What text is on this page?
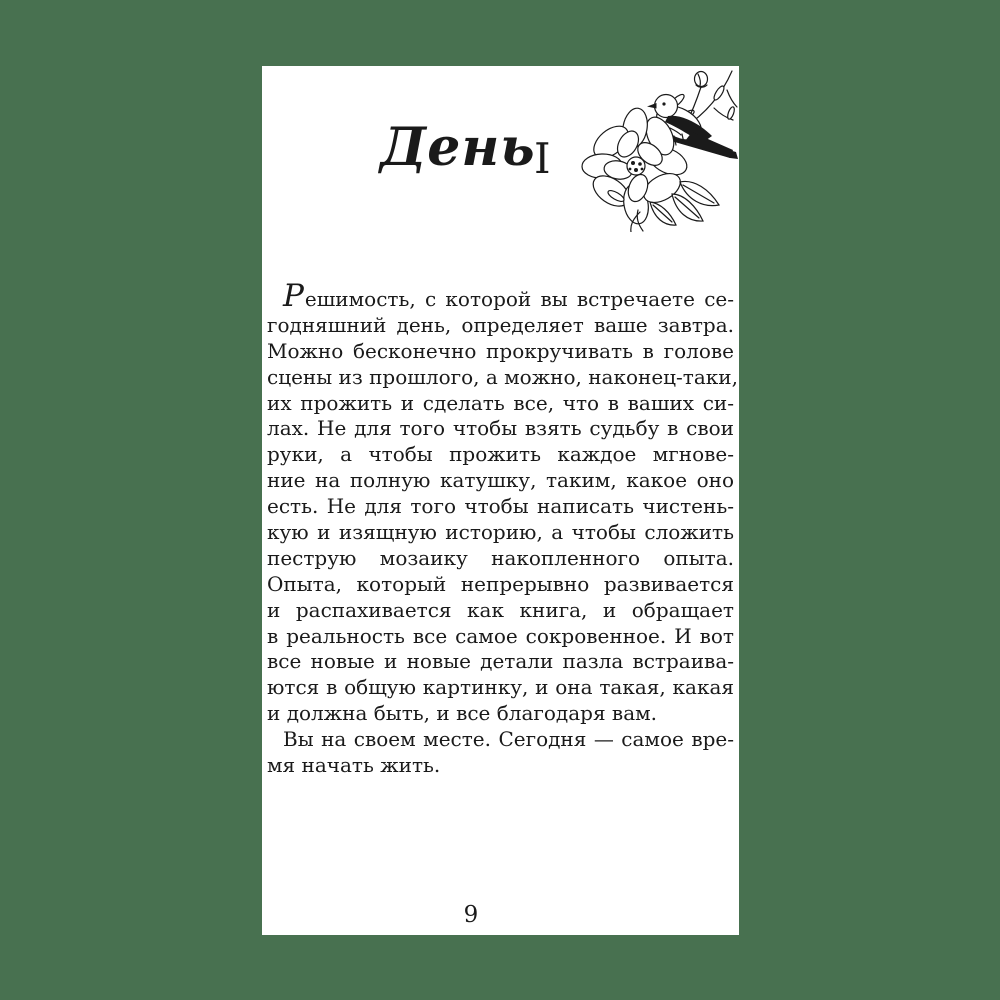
День
I
Решимость, с которой вы встречаете се-
годняшний день, определяет ваше завтра.
Можно бесконечно прокручивать в голове
сцены из прошлого, а можно, наконец-таки,
их прожить и сделать все, что в ваших си-
лах. Не для того чтобы взять судьбу в свои
руки, а чтобы прожить каждое мгнове-
ние на полную катушку, таким, какое оно
есть. Не для того чтобы написать чистень-
кую и изящную историю, а чтобы сложить
пеструю мозаику накопленного опыта.
Опыта, который непрерывно развивается
и распахивается как книга, и обращает
в реальность все самое сокровенное. И вот
все новые и новые детали пазла встраива-
ются в общую картинку, и она такая, какая
и должна быть, и все благодаря вам.
Вы на своем месте. Сегодня — самое вре-
мя начать жить.
9
